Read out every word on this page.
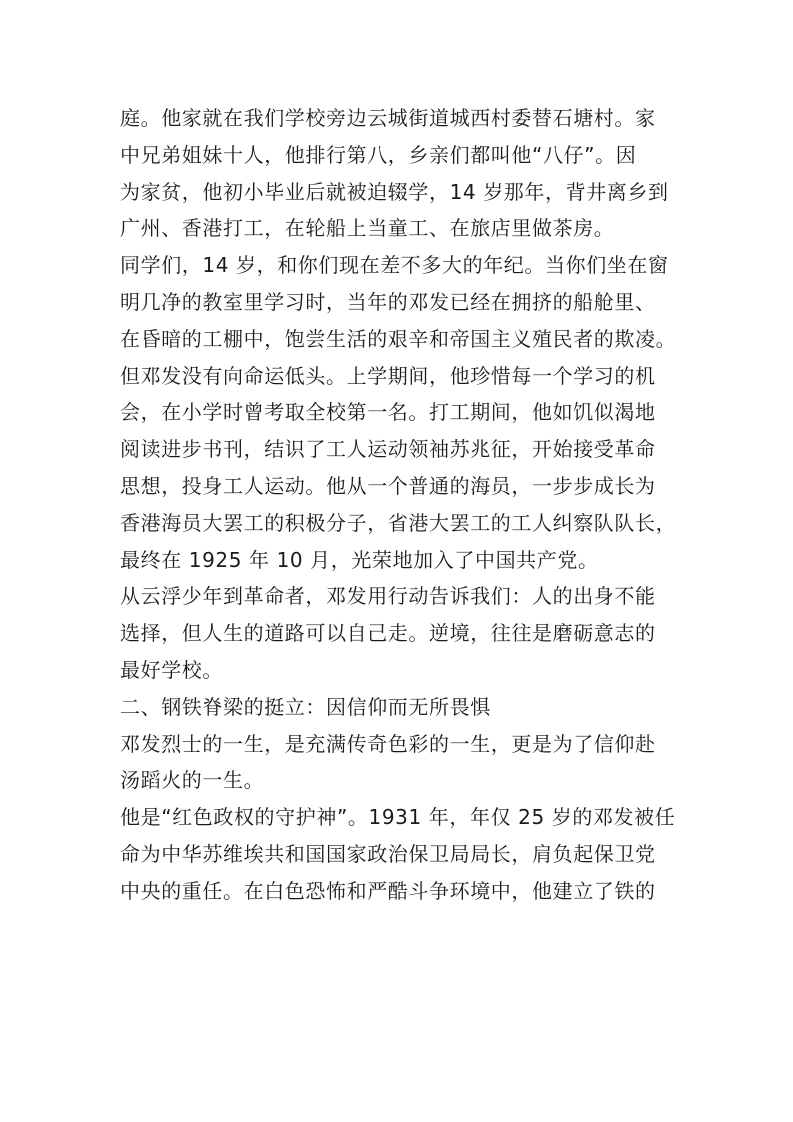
庭。他家就在我们学校旁边云城街道城西村委替石塘村。家
中兄弟姐妹十人，他排行第八，乡亲们都叫他“八仔”。因
为家贫，他初小毕业后就被迫辍学，14 岁那年，背井离乡到
广州、香港打工，在轮船上当童工、在旅店里做茶房。
同学们，14 岁，和你们现在差不多大的年纪。当你们坐在窗
明几净的教室里学习时，当年的邓发已经在拥挤的船舱里、
在昏暗的工棚中，饱尝生活的艰辛和帝国主义殖民者的欺凌。
但邓发没有向命运低头。上学期间，他珍惜每一个学习的机
会，在小学时曾考取全校第一名。打工期间，他如饥似渴地
阅读进步书刊，结识了工人运动领袖苏兆征，开始接受革命
思想，投身工人运动。他从一个普通的海员，一步步成长为
香港海员大罢工的积极分子，省港大罢工的工人纠察队队长，
最终在 1925 年 10 月，光荣地加入了中国共产党。
从云浮少年到革命者，邓发用行动告诉我们：人的出身不能
选择，但人生的道路可以自己走。逆境，往往是磨砺意志的
最好学校。
二、钢铁脊梁的挺立：因信仰而无所畏惧
邓发烈士的一生，是充满传奇色彩的一生，更是为了信仰赴
汤蹈火的一生。
他是“红色政权的守护神”。1931 年，年仅 25 岁的邓发被任
命为中华苏维埃共和国国家政治保卫局局长，肩负起保卫党
中央的重任。在白色恐怖和严酷斗争环境中，他建立了铁的
